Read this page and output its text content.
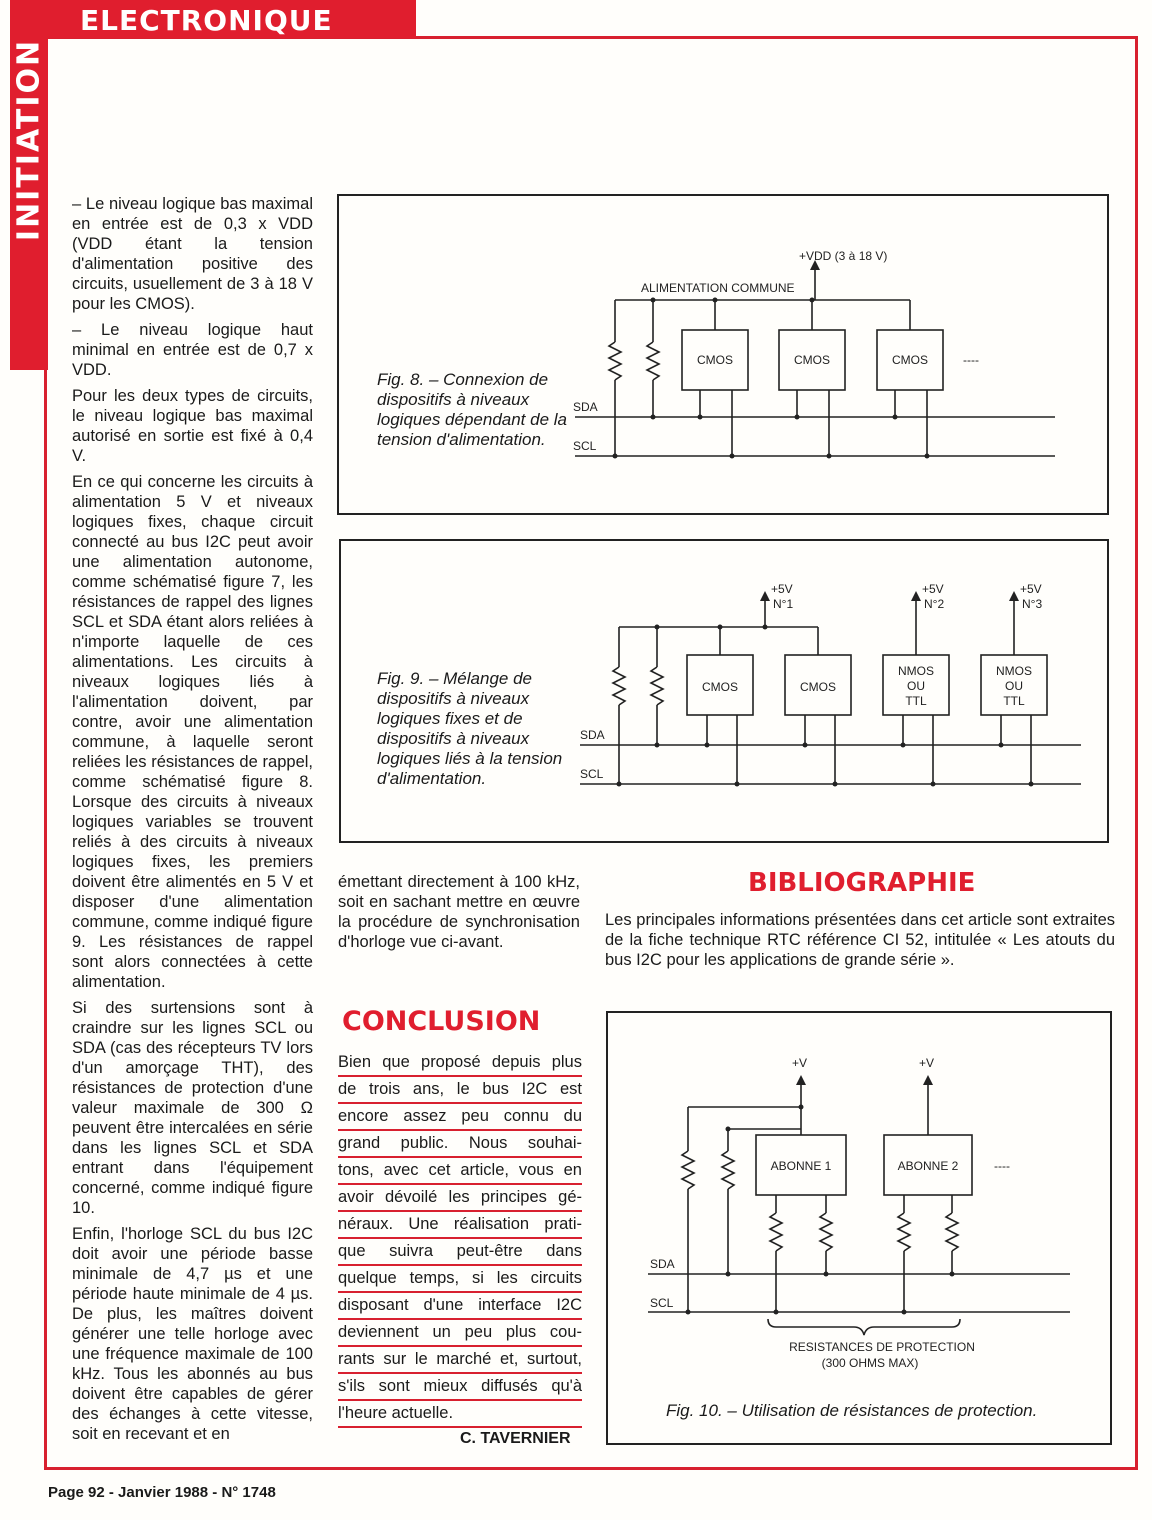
ELECTRONIQUE
INITIATION – Le niveau logique bas maximal en entrée est de 0,3 x VDD (VDD étant la tension d'alimentation positive des circuits, usuellement de 3 à 18 V pour les CMOS).

– Le niveau logique haut minimal en entrée est de 0,7 x VDD.

Pour les deux types de circuits, le niveau logique bas maximal autorisé en sortie est fixé à 0,4 V.

En ce qui concerne les circuits à alimentation 5 V et niveaux logiques fixes, chaque circuit connecté au bus I2C peut avoir une alimentation autonome, comme schématisé figure 7, les résistances de rappel des lignes SCL et SDA étant alors reliées à n'importe laquelle de ces alimentations. Les circuits à niveaux logiques liés à l'alimentation doivent, par contre, avoir une alimentation commune, à laquelle seront reliées les résistances de rappel, comme schématisé figure 8. Lorsque des circuits à niveaux logiques variables se trouvent reliés à des circuits à niveaux logiques fixes, les premiers doivent être alimentés en 5 V et disposer d'une alimentation commune, comme indiqué figure 9. Les résistances de rappel sont alors connectées à cette alimentation.

Si des surtensions sont à craindre sur les lignes SCL ou SDA (cas des récepteurs TV lors d'un amorçage THT), des résistances de protection d'une valeur maximale de 300 Ω peuvent être intercalées en série dans les lignes SCL et SDA entrant dans l'équipement concerné, comme indiqué figure 10.

Enfin, l'horloge SCL du bus I2C doit avoir une période basse minimale de 4,7 µs et une période haute minimale de 4 µs. De plus, les maîtres doivent générer une telle horloge avec une fréquence maximale de 100 kHz. Tous les abonnés au bus doivent être capables de gérer des échanges à cette vitesse, soit en recevant et en

émettant directement à 100 kHz, soit en sachant mettre en œuvre la procédure de synchronisation d'horloge vue ci-avant.

CONCLUSION
Bien que proposé depuis plus
de trois ans, le bus I2C est
encore assez peu connu du
grand public. Nous souhai-
tons, avec cet article, vous en
avoir dévoilé les principes gé-
néraux. Une réalisation prati-
que suivra peut-être dans
quelque temps, si les circuits
disposant d'une interface I2C
deviennent un peu plus cou-
rants sur le marché et, surtout,
s'ils sont mieux diffusés qu'à
l'heure actuelle.
C. TAVERNIER
BIBLIOGRAPHIE

Les principales informations présentées dans cet article sont extraites de la fiche technique RTC référence CI 52, intitulée « Les atouts du bus I2C pour les applications de grande série ».

Fig. 8. – Connexion de dispositifs à niveaux logiques dépendant de la tension d'alimentation.
+VDD (3 à 18 V)
ALIMENTATION COMMUNE
CMOS	CMOS	CMOS	----
SDA
SCL
Fig. 9. – Mélange de dispositifs à niveaux logiques fixes et de dispositifs à niveaux logiques liés à la tension d'alimentation.
+5V
N°1
+5V
N°2
+5V
N°3
CMOS	CMOS
NMOS
OU
TTL
NMOS
OU
TTL
SDA
SCL
Fig. 10. – Utilisation de résistances de protection.
+V	+V
ABONNE 1	ABONNE 2	----
SDA
SCL
RESISTANCES DE PROTECTION
(300 OHMS MAX)
Page 92 - Janvier 1988 - N° 1748
